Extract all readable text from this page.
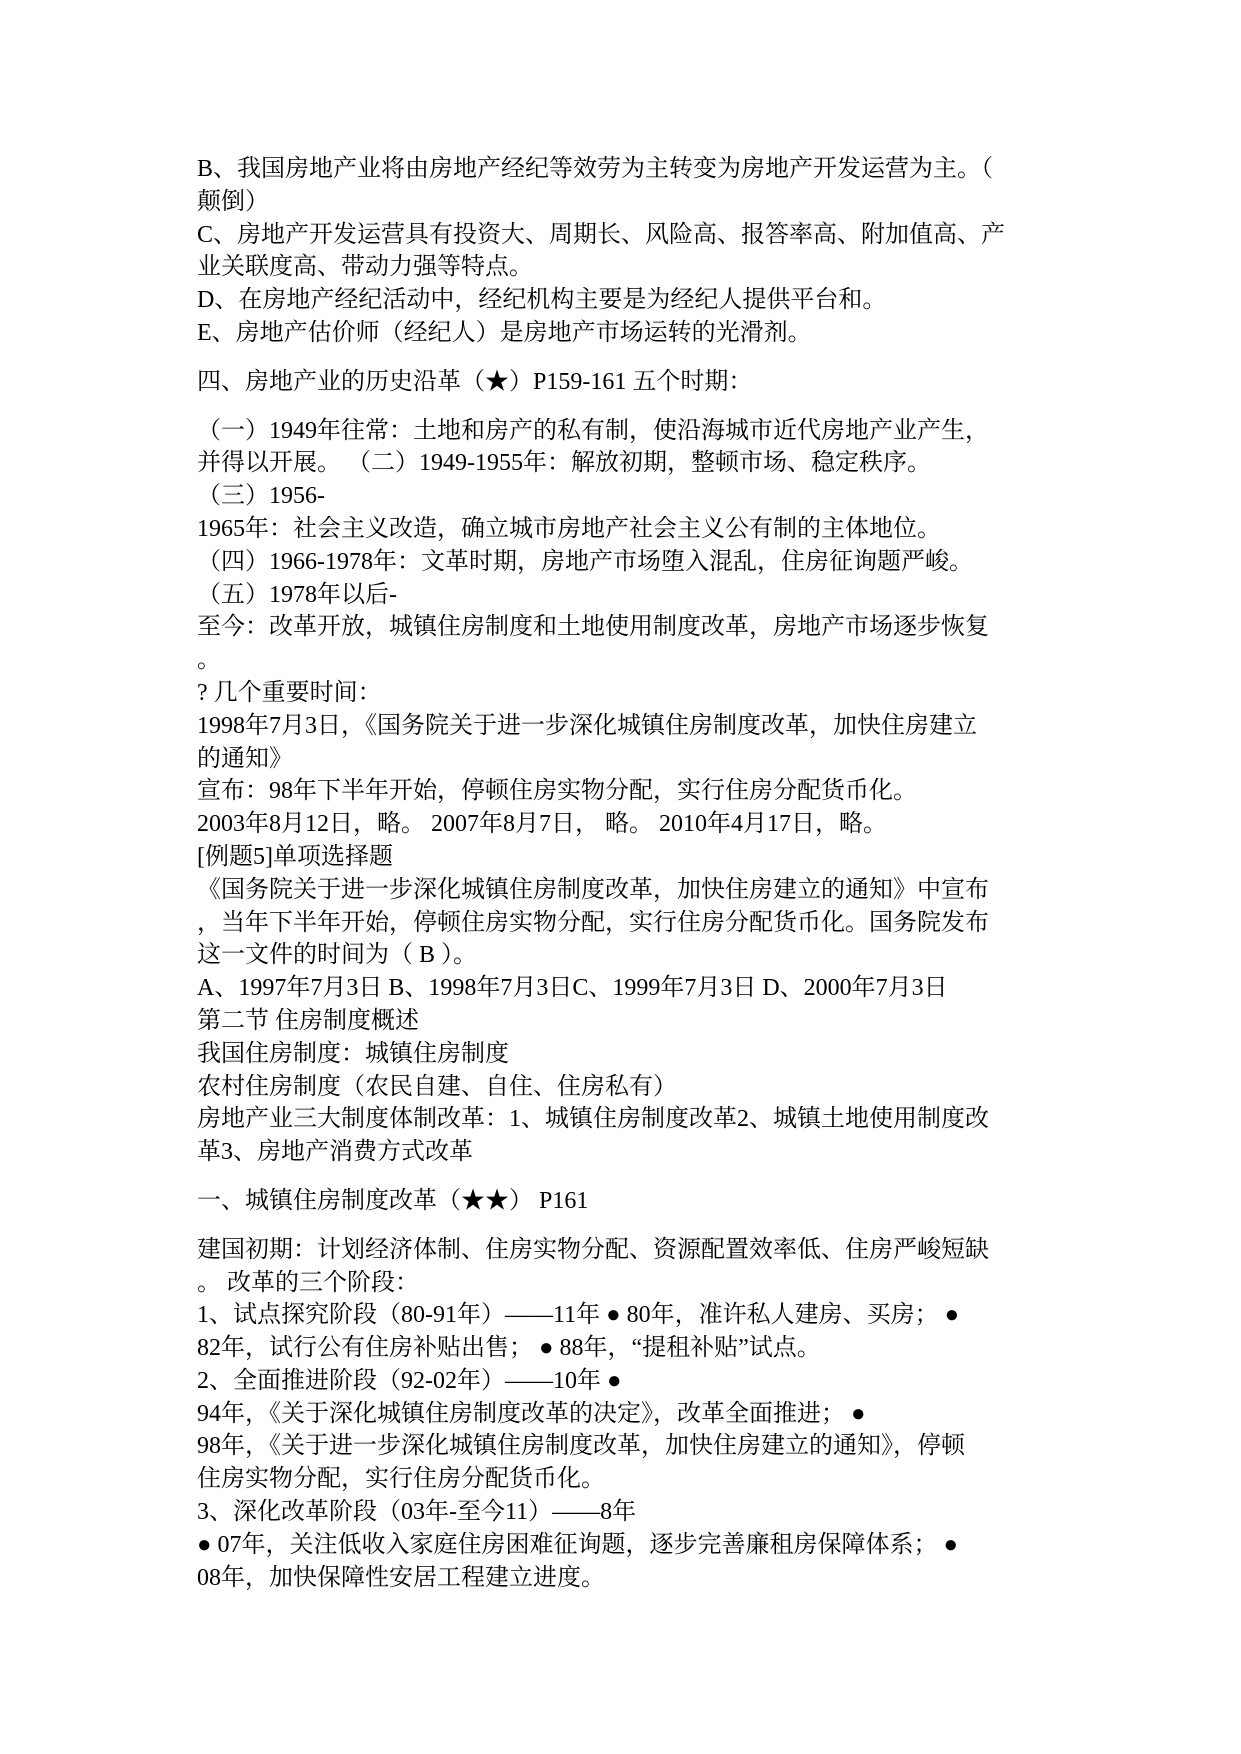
B、我国房地产业将由房地产经纪等效劳为主转变为房地产开发运营为主。（
颠倒）
C、房地产开发运营具有投资大、周期长、风险高、报答率高、附加值高、产
业关联度高、带动力强等特点。
D、在房地产经纪活动中，经纪机构主要是为经纪人提供平台和。
E、房地产估价师（经纪人）是房地产市场运转的光滑剂。
四、房地产业的历史沿革（★）P159-161 五个时期：
（一）1949年往常：土地和房产的私有制，使沿海城市近代房地产业产生，
并得以开展。 （二）1949-1955年：解放初期，整顿市场、稳定秩序。
（三）1956-
1965年：社会主义改造，确立城市房地产社会主义公有制的主体地位。
（四）1966-1978年：文革时期，房地产市场堕入混乱，住房征询题严峻。
（五）1978年以后-
至今：改革开放，城镇住房制度和土地使用制度改革，房地产市场逐步恢复
。
? 几个重要时间：
1998年7月3日，《国务院关于进一步深化城镇住房制度改革，加快住房建立
的通知》
宣布：98年下半年开始，停顿住房实物分配，实行住房分配货币化。
2003年8月12日，略。 2007年8月7日， 略。 2010年4月17日，略。
[例题5]单项选择题
《国务院关于进一步深化城镇住房制度改革，加快住房建立的通知》中宣布
，当年下半年开始，停顿住房实物分配，实行住房分配货币化。国务院发布
这一文件的时间为（ B ）。
A、1997年7月3日 B、1998年7月3日C、1999年7月3日 D、2000年7月3日
第二节 住房制度概述
我国住房制度：城镇住房制度
农村住房制度（农民自建、自住、住房私有）
房地产业三大制度体制改革：1、城镇住房制度改革2、城镇土地使用制度改
革3、房地产消费方式改革
一、城镇住房制度改革（★★） P161
建国初期：计划经济体制、住房实物分配、资源配置效率低、住房严峻短缺
。 改革的三个阶段：
1、试点探究阶段（80-91年）——11年 ● 80年，准许私人建房、买房； ●
82年，试行公有住房补贴出售； ● 88年，“提租补贴”试点。
2、全面推进阶段（92-02年）——10年 ●
94年，《关于深化城镇住房制度改革的决定》，改革全面推进； ●
98年，《关于进一步深化城镇住房制度改革，加快住房建立的通知》，停顿
住房实物分配，实行住房分配货币化。
3、深化改革阶段（03年-至今11）——8年
● 07年，关注低收入家庭住房困难征询题，逐步完善廉租房保障体系； ●
08年，加快保障性安居工程建立进度。
